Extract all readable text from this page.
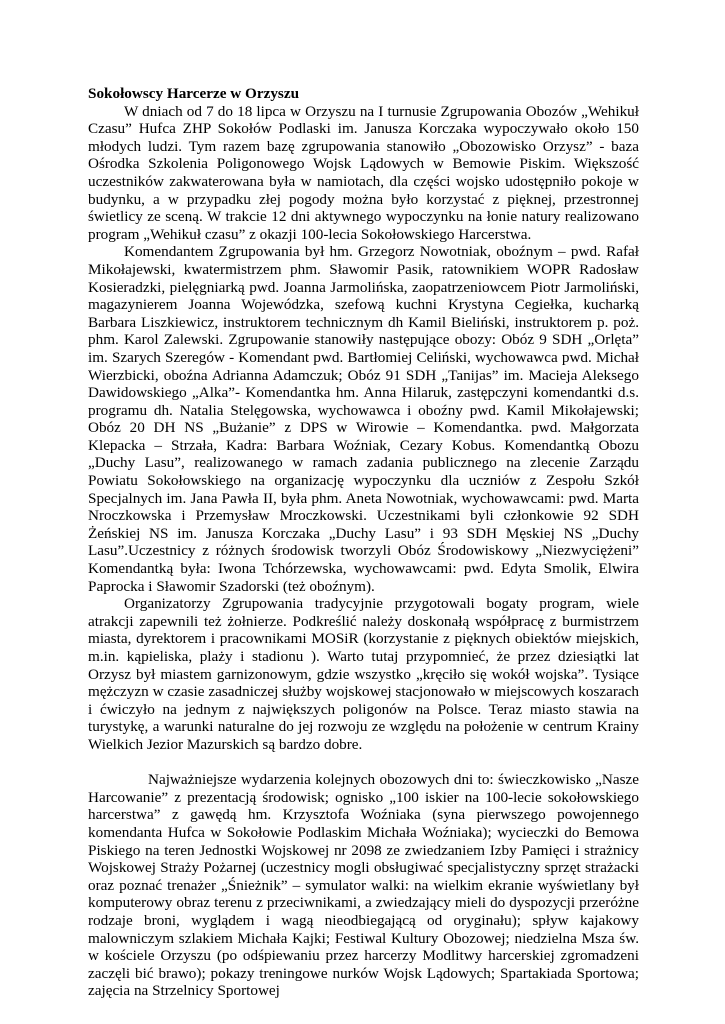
Sokołowscy Harcerze w Orzyszu

W dniach od 7 do 18 lipca w Orzyszu na I turnusie Zgrupowania Obozów „Wehikuł Czasu” Hufca ZHP Sokołów Podlaski im. Janusza Korczaka wypoczywało około 150 młodych ludzi. Tym razem bazę zgrupowania stanowiło „Obozowisko Orzysz” - baza Ośrodka Szkolenia Poligonowego Wojsk Lądowych w Bemowie Piskim. Większość uczestników zakwaterowana była w namiotach, dla części wojsko udostępniło pokoje w budynku, a w przypadku złej pogody można było korzystać z pięknej, przestronnej świetlicy ze sceną. W trakcie 12 dni aktywnego wypoczynku na łonie natury realizowano program „Wehikuł czasu” z okazji 100-lecia Sokołowskiego Harcerstwa.

Komendantem Zgrupowania był hm. Grzegorz Nowotniak, oboźnym – pwd. Rafał Mikołajewski, kwatermistrzem phm. Sławomir Pasik, ratownikiem WOPR Radosław Kosieradzki, pielęgniarką pwd. Joanna Jarmolińska, zaopatrzeniowcem Piotr Jarmoliński, magazynierem Joanna Wojewódzka, szefową kuchni Krystyna Cegiełka, kucharką Barbara Liszkiewicz, instruktorem technicznym dh Kamil Bieliński, instruktorem p. poż. phm. Karol Zalewski. Zgrupowanie stanowiły następujące obozy: Obóz 9 SDH „Orlęta” im. Szarych Szeregów - Komendant pwd. Bartłomiej Celiński, wychowawca pwd. Michał Wierzbicki, oboźna Adrianna Adamczuk; Obóz 91 SDH „Tanijas” im. Macieja Aleksego Dawidowskiego „Alka”- Komendantka hm. Anna Hilaruk, zastępczyni komendantki d.s. programu dh. Natalia Stelęgowska, wychowawca i oboźny pwd. Kamil Mikołajewski; Obóz 20 DH NS „Bużanie” z DPS w Wirowie – Komendantka. pwd. Małgorzata Klepacka – Strzała, Kadra: Barbara Woźniak, Cezary Kobus. Komendantką Obozu „Duchy Lasu”, realizowanego w ramach zadania publicznego na zlecenie Zarządu Powiatu Sokołowskiego na organizację wypoczynku dla uczniów z Zespołu Szkół Specjalnych im. Jana Pawła II, była phm. Aneta Nowotniak, wychowawcami: pwd. Marta Nroczkowska i Przemysław Mroczkowski. Uczestnikami byli członkowie 92 SDH Żeńskiej NS im. Janusza Korczaka „Duchy Lasu” i 93 SDH Męskiej NS „Duchy Lasu”.Uczestnicy z różnych środowisk tworzyli Obóz Środowiskowy „Niezwyciężeni” Komendantką była: Iwona Tchórzewska, wychowawcami: pwd. Edyta Smolik, Elwira Paprocka i Sławomir Szadorski (też oboźnym).

Organizatorzy Zgrupowania tradycyjnie przygotowali bogaty program, wiele atrakcji zapewnili też żołnierze. Podkreślić należy doskonałą współpracę z burmistrzem miasta, dyrektorem i pracownikami MOSiR (korzystanie z pięknych obiektów miejskich, m.in. kąpieliska, plaży i stadionu ). Warto tutaj przypomnieć, że przez dziesiątki lat Orzysz był miastem garnizonowym, gdzie wszystko „kręciło się wokół wojska”. Tysiące mężczyzn w czasie zasadniczej służby wojskowej stacjonowało w miejscowych koszarach i ćwiczyło na jednym z największych poligonów na Polsce. Teraz miasto stawia na turystykę, a warunki naturalne do jej rozwoju ze względu na położenie w centrum Krainy Wielkich Jezior Mazurskich są bardzo dobre.

Najważniejsze wydarzenia kolejnych obozowych dni to: świeczkowisko „Nasze Harcowanie” z prezentacją środowisk; ognisko „100 iskier na 100-lecie sokołowskiego harcerstwa” z gawędą hm. Krzysztofa Woźniaka (syna pierwszego powojennego komendanta Hufca w Sokołowie Podlaskim Michała Woźniaka); wycieczki do Bemowa Piskiego na teren Jednostki Wojskowej nr 2098 ze zwiedzaniem Izby Pamięci i strażnicy Wojskowej Straży Pożarnej (uczestnicy mogli obsługiwać specjalistyczny sprzęt strażacki oraz poznać trenażer „Śnieżnik” – symulator walki: na wielkim ekranie wyświetlany był komputerowy obraz terenu z przeciwnikami, a zwiedzający mieli do dyspozycji przeróżne rodzaje broni, wyglądem i wagą nieodbiegającą od oryginału); spływ kajakowy malowniczym szlakiem Michała Kajki; Festiwal Kultury Obozowej; niedzielna Msza św. w kościele Orzyszu (po odśpiewaniu przez harcerzy Modlitwy harcerskiej zgromadzeni zaczęli bić brawo); pokazy treningowe nurków Wojsk Lądowych; Spartakiada Sportowa; zajęcia na Strzelnicy Sportowej
